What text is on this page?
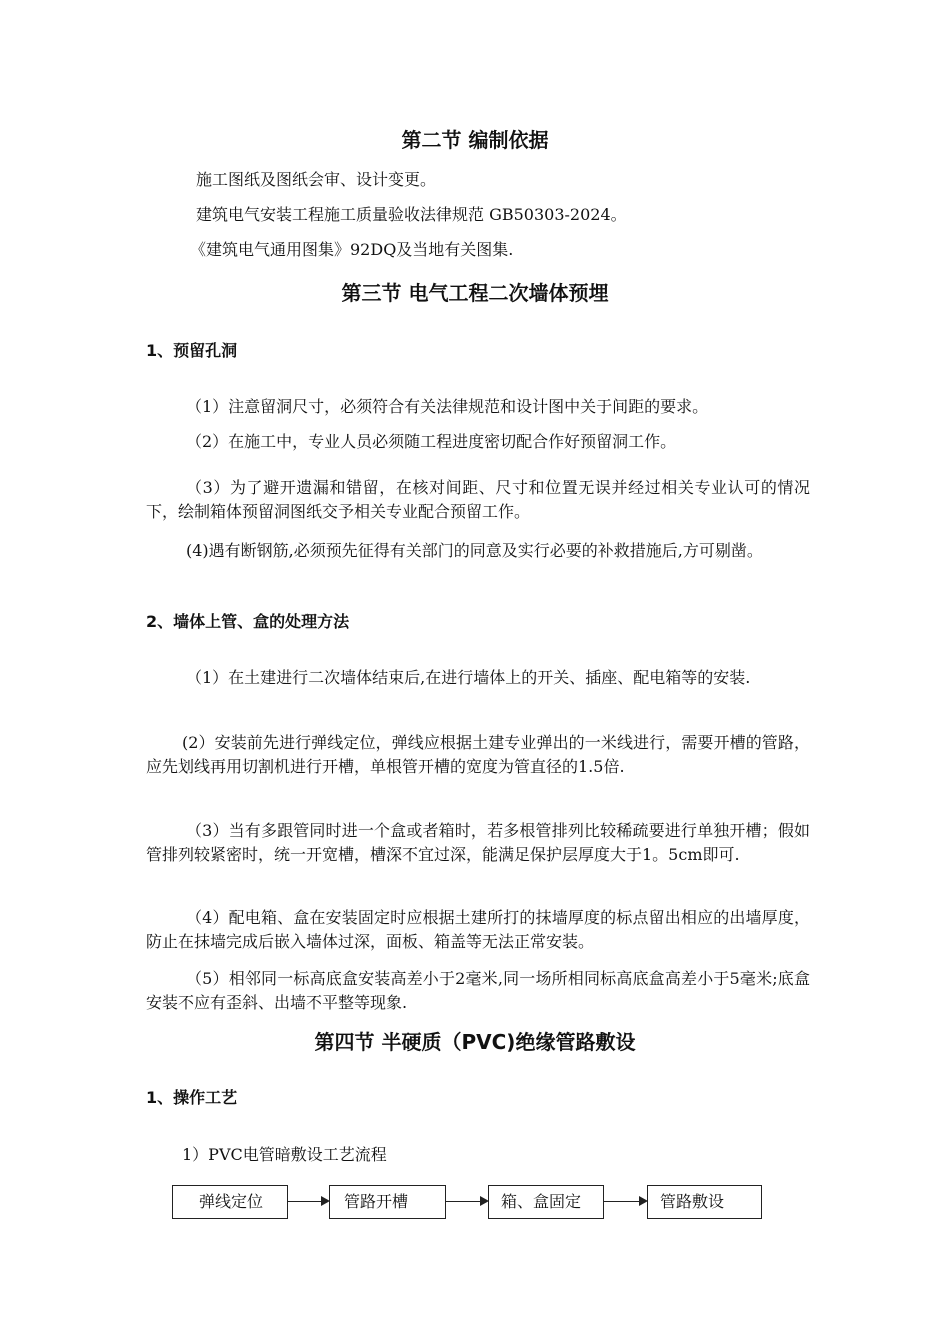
第二节 编制依据
施工图纸及图纸会审、设计变更。
建筑电气安装工程施工质量验收法律规范 GB50303-2024。
《建筑电气通用图集》92DQ及当地有关图集.
第三节 电气工程二次墙体预埋
1、预留孔洞
（1）注意留洞尺寸，必须符合有关法律规范和设计图中关于间距的要求。
（2）在施工中，专业人员必须随工程进度密切配合作好预留洞工作。
（3）为了避开遗漏和错留，在核对间距、尺寸和位置无误并经过相关专业认可的情况下，绘制箱体预留洞图纸交予相关专业配合预留工作。
(4)遇有断钢筋,必须预先征得有关部门的同意及实行必要的补救措施后,方可剔凿。
2、墙体上管、盒的处理方法
（1）在土建进行二次墙体结束后,在进行墙体上的开关、插座、配电箱等的安装.
(2）安装前先进行弹线定位，弹线应根据土建专业弹出的一米线进行，需要开槽的管路，应先划线再用切割机进行开槽，单根管开槽的宽度为管直径的1.5倍.
（3）当有多跟管同时进一个盒或者箱时，若多根管排列比较稀疏要进行单独开槽；假如管排列较紧密时，统一开宽槽，槽深不宜过深，能满足保护层厚度大于1。5cm即可.
（4）配电箱、盒在安装固定时应根据土建所打的抹墙厚度的标点留出相应的出墙厚度，防止在抹墙完成后嵌入墙体过深，面板、箱盖等无法正常安装。
（5）相邻同一标高底盒安装高差小于2毫米,同一场所相同标高底盒高差小于5毫米;底盒安装不应有歪斜、出墙不平整等现象.
第四节 半硬质（PVC)绝缘管路敷设
1、操作工艺
1）PVC电管暗敷设工艺流程
弹线定位	管路开槽	箱、盒固定	管路敷设
